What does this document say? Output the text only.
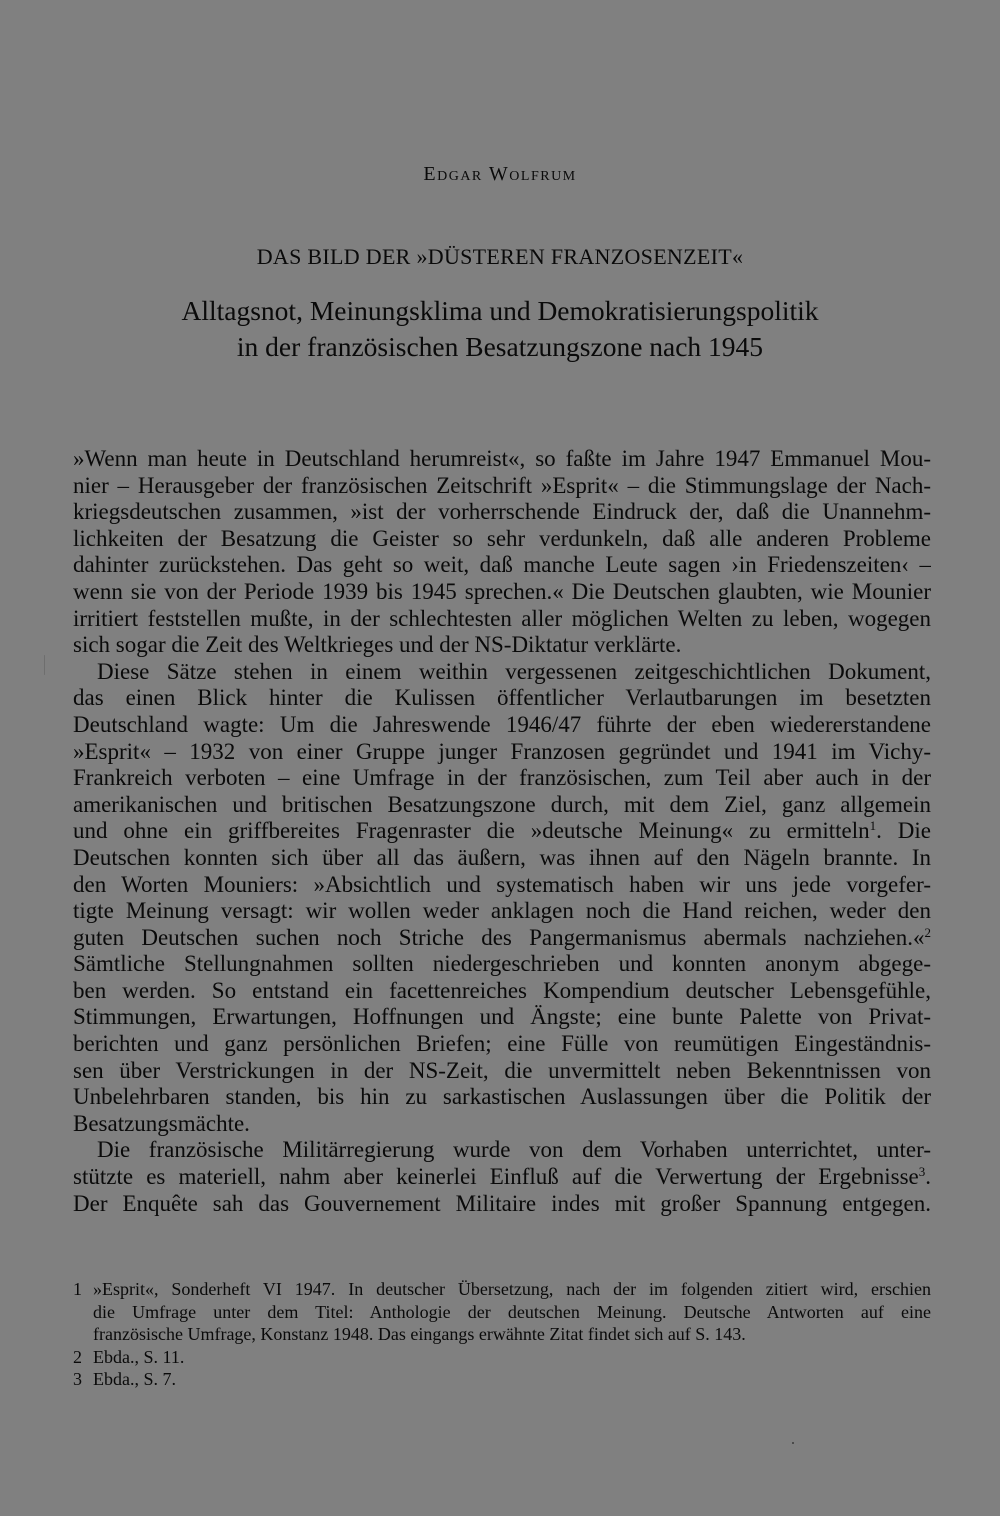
Edgar Wolfrum
DAS BILD DER »DÜSTEREN FRANZOSENZEIT«
Alltagsnot, Meinungsklima und Demokratisierungspolitik
in der französischen Besatzungszone nach 1945
»Wenn man heute in Deutschland herumreist«, so faßte im Jahre 1947 Emmanuel Mou-
nier – Herausgeber der französischen Zeitschrift »Esprit« – die Stimmungslage der Nach-
kriegsdeutschen zusammen, »ist der vorherrschende Eindruck der, daß die Unannehm-
lichkeiten der Besatzung die Geister so sehr verdunkeln, daß alle anderen Probleme
dahinter zurückstehen. Das geht so weit, daß manche Leute sagen ›in Friedenszeiten‹ –
wenn sie von der Periode 1939 bis 1945 sprechen.« Die Deutschen glaubten, wie Mounier
irritiert feststellen mußte, in der schlechtesten aller möglichen Welten zu leben, wogegen
sich sogar die Zeit des Weltkrieges und der NS-Diktatur verklärte.
Diese Sätze stehen in einem weithin vergessenen zeitgeschichtlichen Dokument,
das einen Blick hinter die Kulissen öffentlicher Verlautbarungen im besetzten
Deutschland wagte: Um die Jahreswende 1946/47 führte der eben wiedererstandene
»Esprit« – 1932 von einer Gruppe junger Franzosen gegründet und 1941 im Vichy-
Frankreich verboten – eine Umfrage in der französischen, zum Teil aber auch in der
amerikanischen und britischen Besatzungszone durch, mit dem Ziel, ganz allgemein
und ohne ein griffbereites Fragenraster die »deutsche Meinung« zu ermitteln$^1$. Die
Deutschen konnten sich über all das äußern, was ihnen auf den Nägeln brannte. In
den Worten Mouniers: »Absichtlich und systematisch haben wir uns jede vorgefer-
tigte Meinung versagt: wir wollen weder anklagen noch die Hand reichen, weder den
guten Deutschen suchen noch Striche des Pangermanismus abermals nachziehen.«$^2$
Sämtliche Stellungnahmen sollten niedergeschrieben und konnten anonym abgege-
ben werden. So entstand ein facettenreiches Kompendium deutscher Lebensgefühle,
Stimmungen, Erwartungen, Hoffnungen und Ängste; eine bunte Palette von Privat-
berichten und ganz persönlichen Briefen; eine Fülle von reumütigen Eingeständnis-
sen über Verstrickungen in der NS-Zeit, die unvermittelt neben Bekenntnissen von
Unbelehrbaren standen, bis hin zu sarkastischen Auslassungen über die Politik der
Besatzungsmächte.
Die französische Militärregierung wurde von dem Vorhaben unterrichtet, unter-
stützte es materiell, nahm aber keinerlei Einfluß auf die Verwertung der Ergebnisse$^3$.
Der Enquête sah das Gouvernement Militaire indes mit großer Spannung entgegen.
1 »Esprit«, Sonderheft VI 1947. In deutscher Übersetzung, nach der im folgenden zitiert wird, erschien
die Umfrage unter dem Titel: Anthologie der deutschen Meinung. Deutsche Antworten auf eine
französische Umfrage, Konstanz 1948. Das eingangs erwähnte Zitat findet sich auf S. 143.
2 Ebda., S. 11.
3 Ebda., S. 7.
